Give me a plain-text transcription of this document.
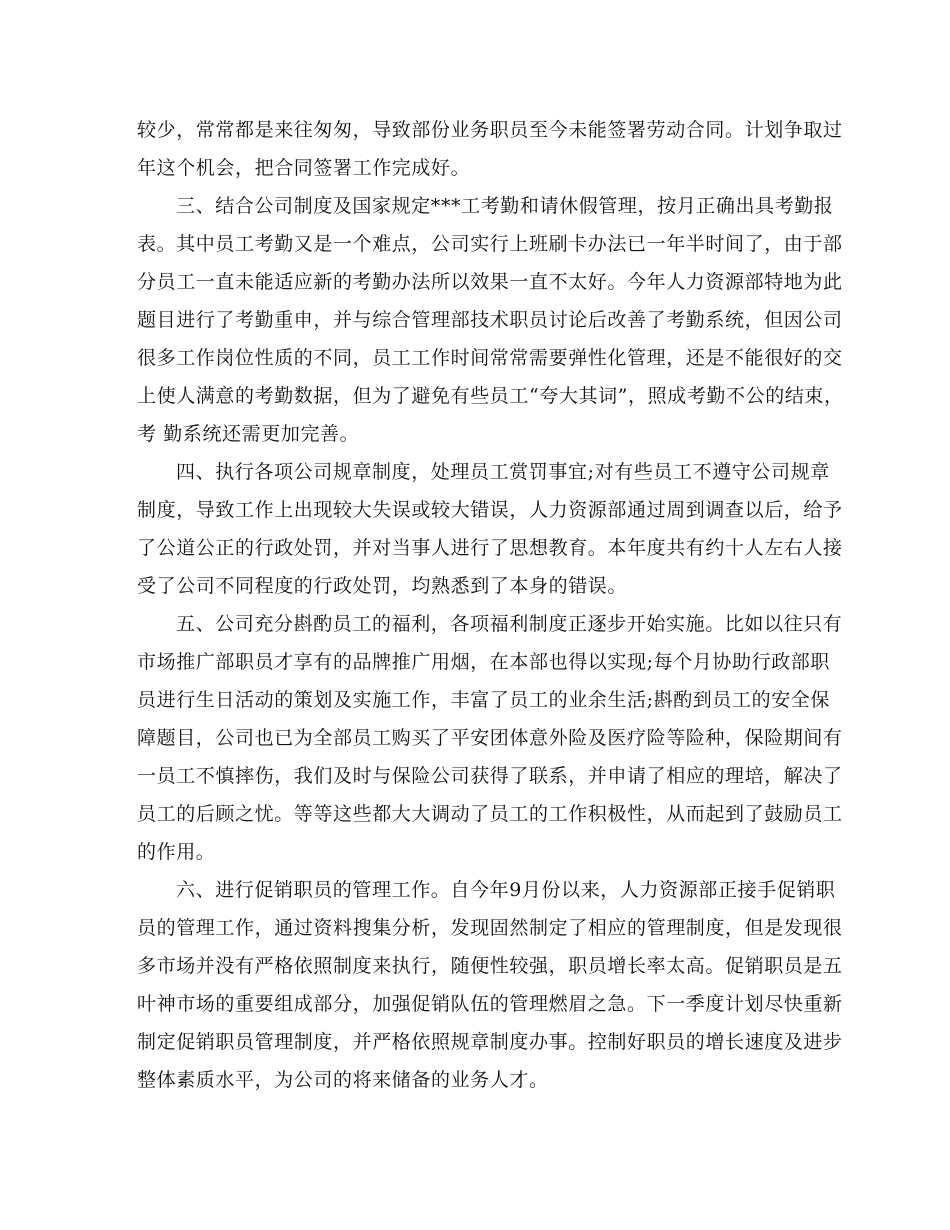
较少，常常都是来往匆匆，导致部份业务职员至今未能签署劳动合同。计划争取过
年这个机会，把合同签署工作完成好。
三、结合公司制度及国家规定***工考勤和请休假管理，按月正确出具考勤报
表。其中员工考勤又是一个难点，公司实行上班刷卡办法已一年半时间了，由于部
分员工一直未能适应新的考勤办法所以效果一直不太好。今年人力资源部特地为此
题目进行了考勤重申，并与综合管理部技术职员讨论后改善了考勤系统，但因公司
很多工作岗位性质的不同，员工工作时间常常需要弹性化管理，还是不能很好的交
上使人满意的考勤数据，但为了避免有些员工“夸大其词”，照成考勤不公的结束，
考 勤系统还需更加完善。
四、执行各项公司规章制度，处理员工赏罚事宜;对有些员工不遵守公司规章
制度，导致工作上出现较大失误或较大错误，人力资源部通过周到调查以后，给予
了公道公正的行政处罚，并对当事人进行了思想教育。本年度共有约十人左右人接
受了公司不同程度的行政处罚，均熟悉到了本身的错误。
五、公司充分斟酌员工的福利，各项福利制度正逐步开始实施。比如以往只有
市场推广部职员才享有的品牌推广用烟，在本部也得以实现;每个月协助行政部职
员进行生日活动的策划及实施工作，丰富了员工的业余生活;斟酌到员工的安全保
障题目，公司也已为全部员工购买了平安团体意外险及医疗险等险种，保险期间有
一员工不慎摔伤，我们及时与保险公司获得了联系，并申请了相应的理培，解决了
员工的后顾之忧。等等这些都大大调动了员工的工作积极性，从而起到了鼓励员工
的作用。
六、进行促销职员的管理工作。自今年9月份以来，人力资源部正接手促销职
员的管理工作，通过资料搜集分析，发现固然制定了相应的管理制度，但是发现很
多市场并没有严格依照制度来执行，随便性较强，职员增长率太高。促销职员是五
叶神市场的重要组成部分，加强促销队伍的管理燃眉之急。下一季度计划尽快重新
制定促销职员管理制度，并严格依照规章制度办事。控制好职员的增长速度及进步
整体素质水平，为公司的将来储备的业务人才。
